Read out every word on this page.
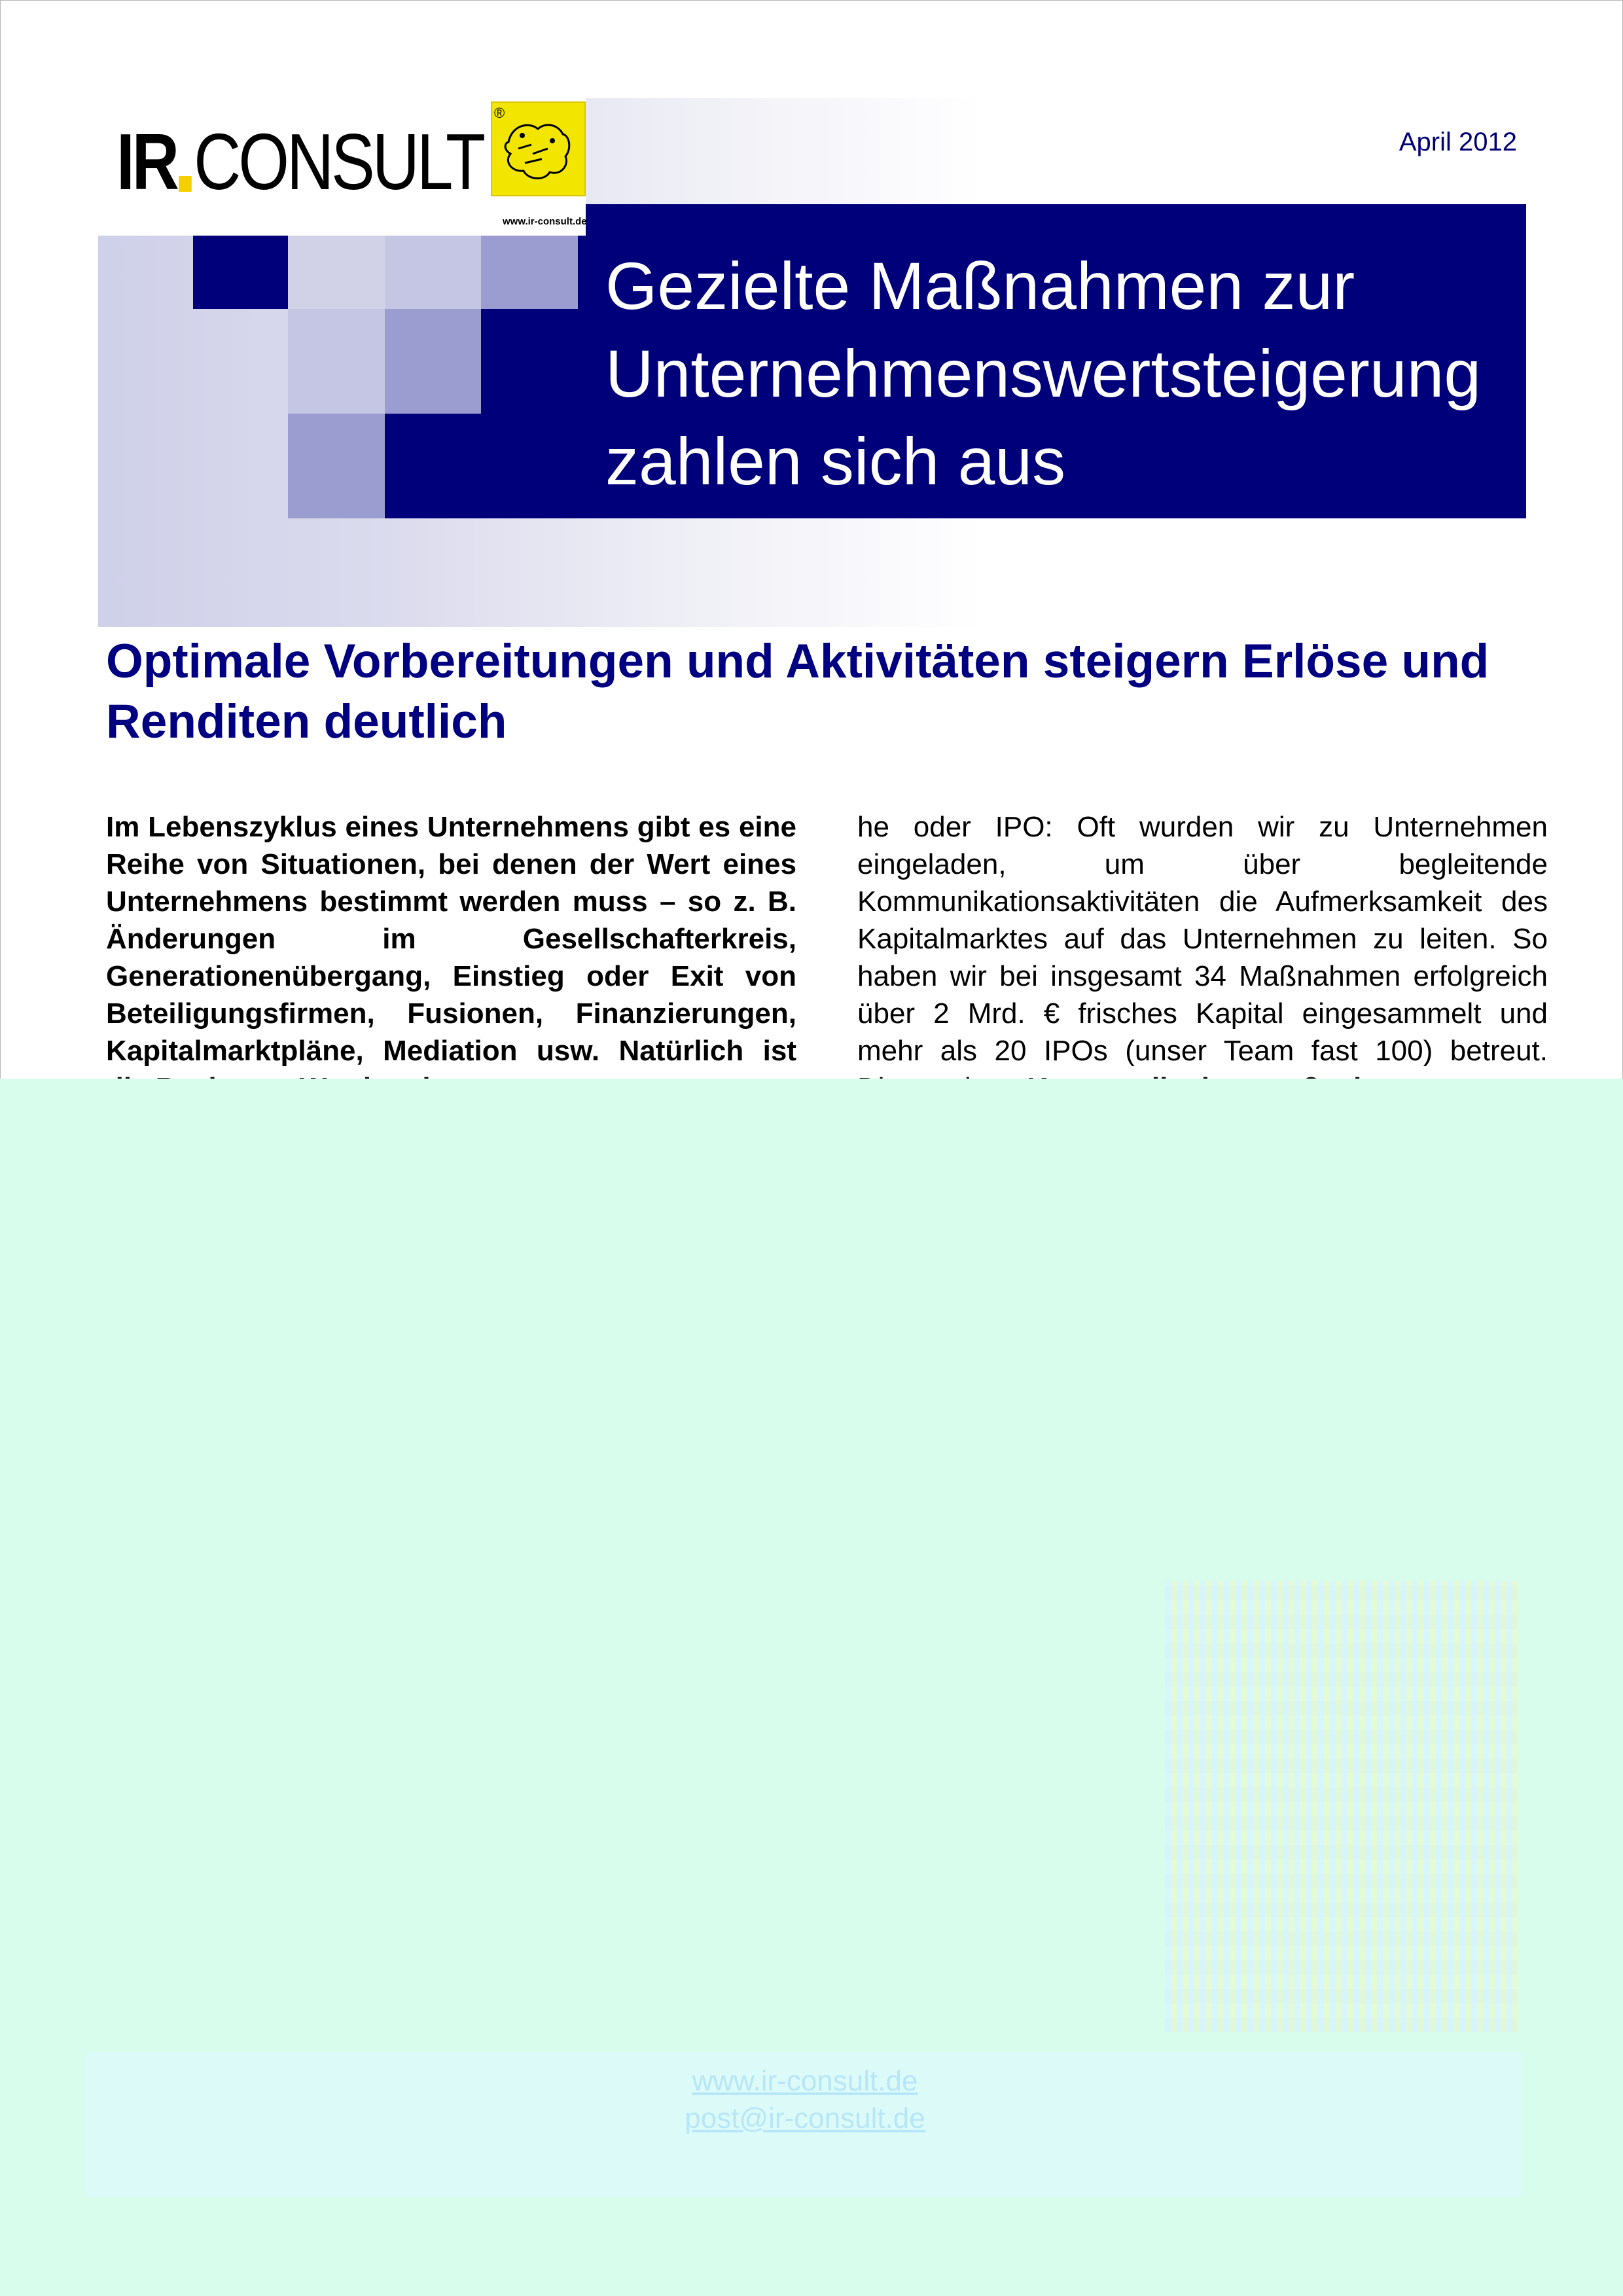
IR CONSULT
®
www.ir-consult.de
April 2012
Gezielte Maßnahmen zur
Unternehmenswertsteigerung
zahlen sich aus
Optimale Vorbereitungen und Aktivitäten steigern Erlöse und
Renditen deutlich

Im Lebenszyklus eines Unternehmens gibt es eine Reihe von Situationen, bei denen der Wert eines Unternehmens bestimmt werden muss – so z. B. Änderungen im Gesellschafterkreis, Generationenübergang, Einstieg oder Exit von Beteiligungsfirmen, Fusionen, Finanzierungen, Kapitalmarktpläne, Mediation usw. Natürlich ist

he oder IPO: Oft wurden wir zu Unternehmen eingeladen, um über begleitende Kommunikationsaktivitäten die Aufmerksamkeit des Kapitalmarktes auf das Unternehmen zu leiten. So haben wir bei insgesamt 34 Maßnahmen erfolgreich über 2 Mrd. € frisches Kapital eingesammelt und mehr als 20 IPOs (unser Team fast 100) betreut.

www.ir-consult.de
post@ir-consult.de
